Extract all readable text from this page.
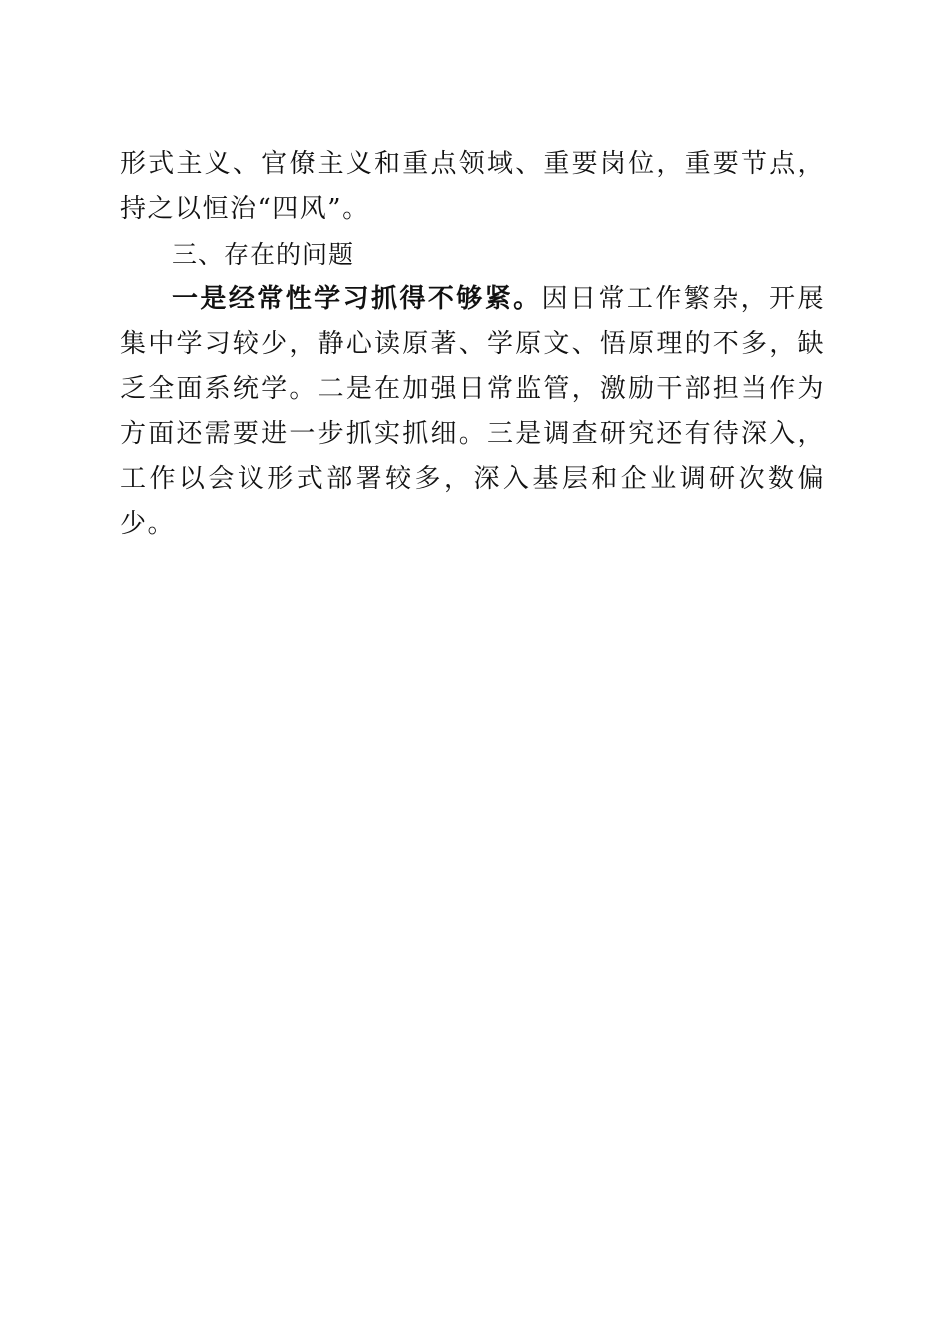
形式主义、官僚主义和重点领域、重要岗位，重要节点，持之以恒治“四风”。

三、存在的问题

一是经常性学习抓得不够紧。因日常工作繁杂，开展集中学习较少，静心读原著、学原文、悟原理的不多，缺乏全面系统学。二是在加强日常监管，激励干部担当作为方面还需要进一步抓实抓细。三是调查研究还有待深入，工作以会议形式部署较多，深入基层和企业调研次数偏少。
